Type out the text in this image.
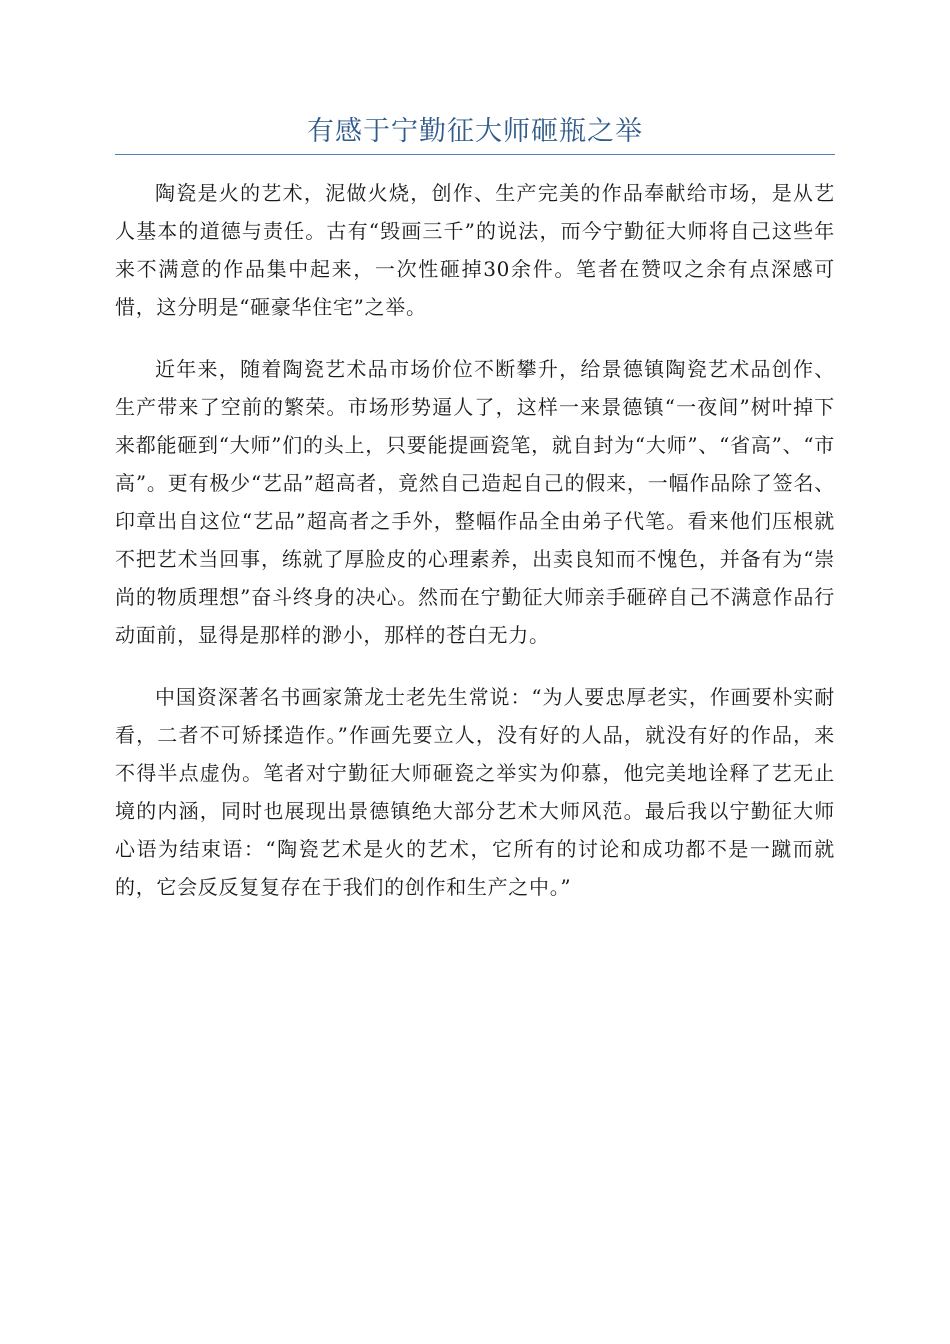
有感于宁勤征大师砸瓶之举

陶瓷是火的艺术，泥做火烧，创作、生产完美的作品奉献给市场，是从艺人基本的道德与责任。古有“毁画三千”的说法，而今宁勤征大师将自己这些年来不满意的作品集中起来，一次性砸掉30余件。笔者在赞叹之余有点深感可惜，这分明是“砸豪华住宅”之举。

近年来，随着陶瓷艺术品市场价位不断攀升，给景德镇陶瓷艺术品创作、生产带来了空前的繁荣。市场形势逼人了，这样一来景德镇“一夜间”树叶掉下来都能砸到“大师”们的头上，只要能提画瓷笔，就自封为“大师”、“省高”、“市高”。更有极少“艺品”超高者，竟然自己造起自己的假来，一幅作品除了签名、印章出自这位“艺品”超高者之手外，整幅作品全由弟子代笔。看来他们压根就不把艺术当回事，练就了厚脸皮的心理素养，出卖良知而不愧色，并备有为“崇尚的物质理想”奋斗终身的决心。然而在宁勤征大师亲手砸碎自己不满意作品行动面前，显得是那样的渺小，那样的苍白无力。

中国资深著名书画家箫龙士老先生常说：“为人要忠厚老实，作画要朴实耐看，二者不可矫揉造作。”作画先要立人，没有好的人品，就没有好的作品，来不得半点虚伪。笔者对宁勤征大师砸瓷之举实为仰慕，他完美地诠释了艺无止境的内涵，同时也展现出景德镇绝大部分艺术大师风范。最后我以宁勤征大师心语为结束语：“陶瓷艺术是火的艺术，它所有的讨论和成功都不是一蹴而就的，它会反反复复存在于我们的创作和生产之中。”
